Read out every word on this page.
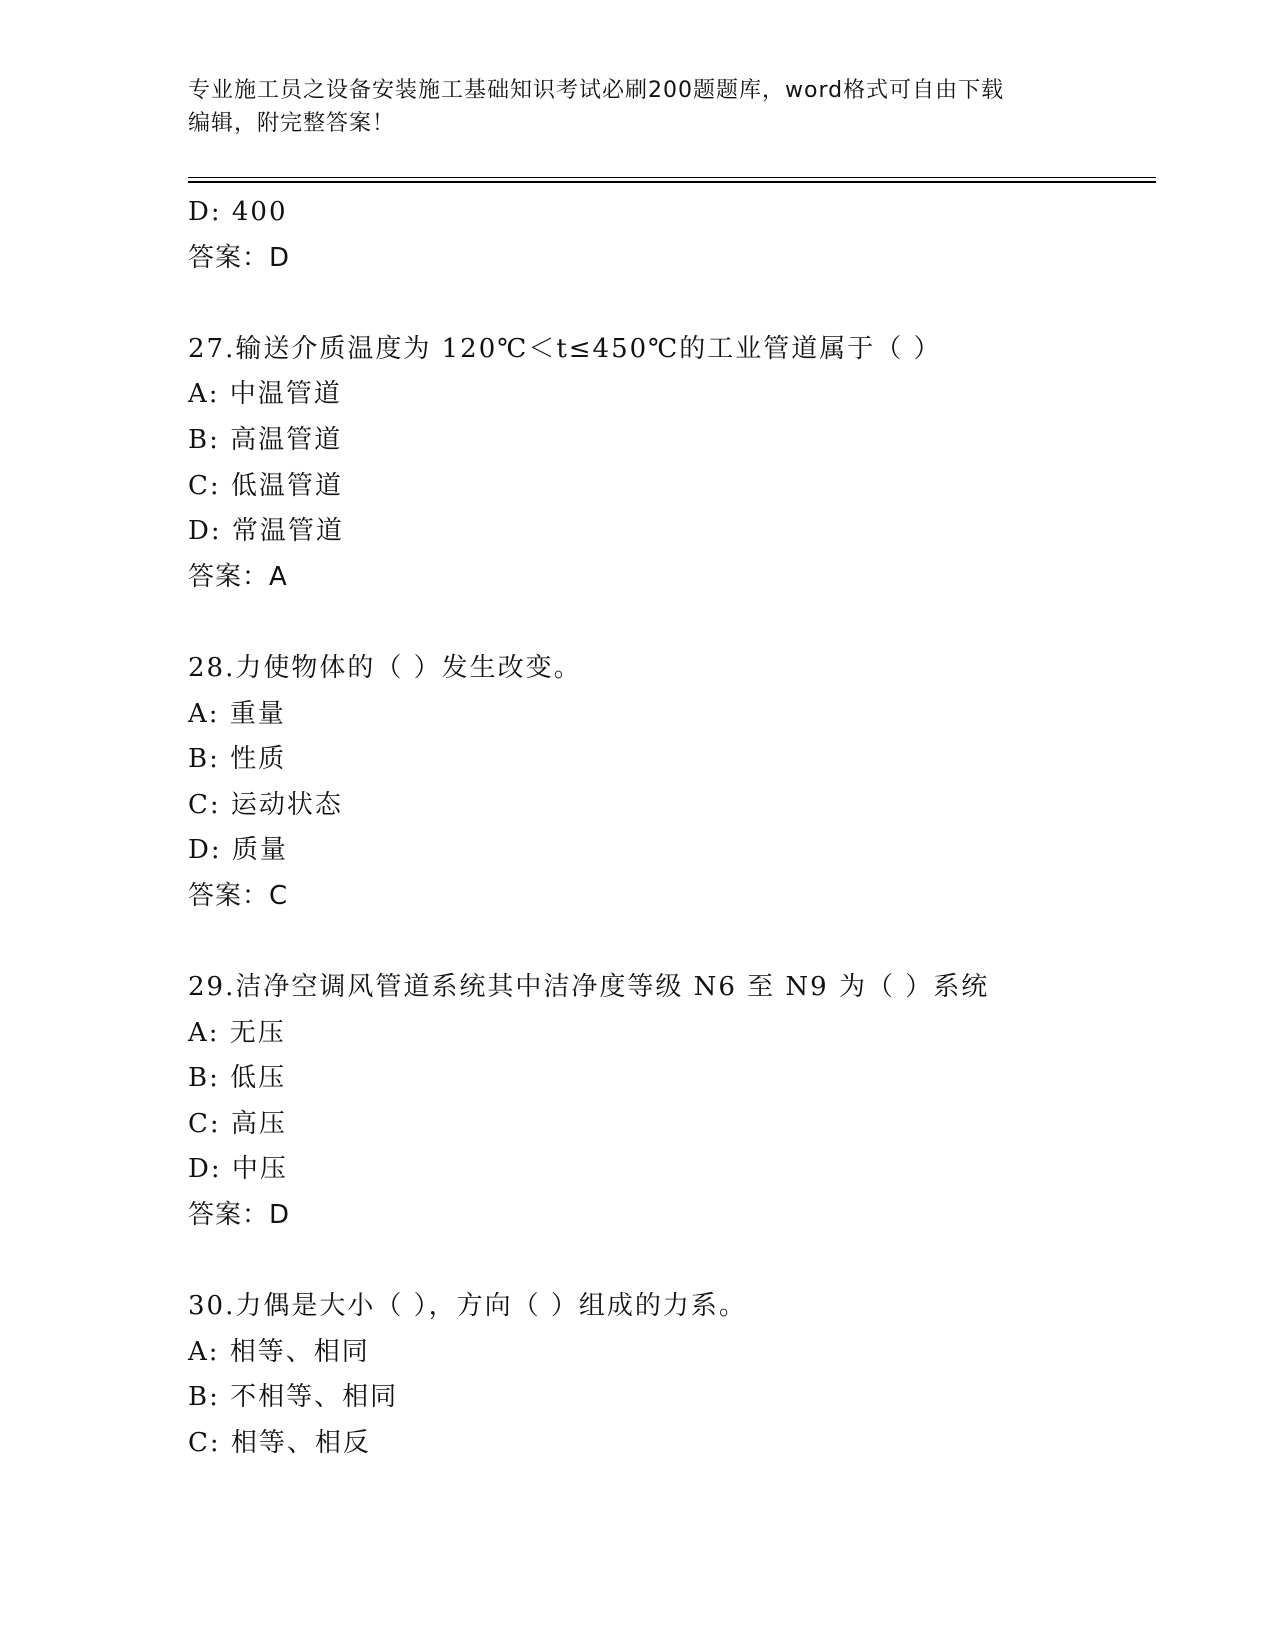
专业施工员之设备安装施工基础知识考试必刷200题题库，word格式可自由下载
编辑，附完整答案！
D: 400
答案：D
27.输送介质温度为 120℃＜t≤450℃的工业管道属于（ ）
A: 中温管道
B: 高温管道
C: 低温管道
D: 常温管道
答案：A
28.力使物体的（ ）发生改变。
A: 重量
B: 性质
C: 运动状态
D: 质量
答案：C
29.洁净空调风管道系统其中洁净度等级 N6 至 N9 为（ ）系统
A: 无压
B: 低压
C: 高压
D: 中压
答案：D
30.力偶是大小（ ），方向（ ）组成的力系。
A: 相等、相同
B: 不相等、相同
C: 相等、相反
